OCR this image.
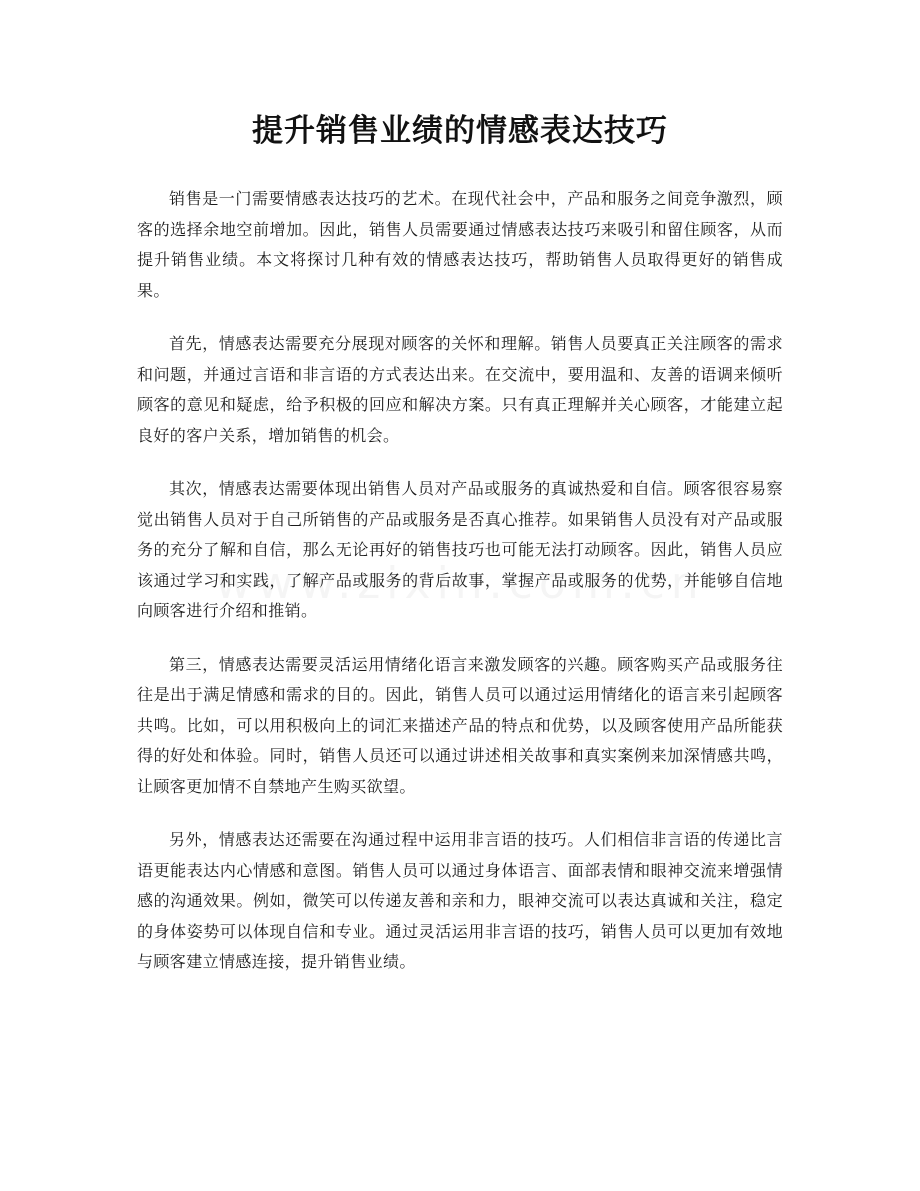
提升销售业绩的情感表达技巧

销售是一门需要情感表达技巧的艺术。在现代社会中，产品和服务之间竞争激烈，顾客的选择余地空前增加。因此，销售人员需要通过情感表达技巧来吸引和留住顾客，从而提升销售业绩。本文将探讨几种有效的情感表达技巧，帮助销售人员取得更好的销售成果。

首先，情感表达需要充分展现对顾客的关怀和理解。销售人员要真正关注顾客的需求和问题，并通过言语和非言语的方式表达出来。在交流中，要用温和、友善的语调来倾听顾客的意见和疑虑，给予积极的回应和解决方案。只有真正理解并关心顾客，才能建立起良好的客户关系，增加销售的机会。

其次，情感表达需要体现出销售人员对产品或服务的真诚热爱和自信。顾客很容易察觉出销售人员对于自己所销售的产品或服务是否真心推荐。如果销售人员没有对产品或服务的充分了解和自信，那么无论再好的销售技巧也可能无法打动顾客。因此，销售人员应该通过学习和实践，了解产品或服务的背后故事，掌握产品或服务的优势，并能够自信地向顾客进行介绍和推销。

第三，情感表达需要灵活运用情绪化语言来激发顾客的兴趣。顾客购买产品或服务往往是出于满足情感和需求的目的。因此，销售人员可以通过运用情绪化的语言来引起顾客共鸣。比如，可以用积极向上的词汇来描述产品的特点和优势，以及顾客使用产品所能获得的好处和体验。同时，销售人员还可以通过讲述相关故事和真实案例来加深情感共鸣，让顾客更加情不自禁地产生购买欲望。

另外，情感表达还需要在沟通过程中运用非言语的技巧。人们相信非言语的传递比言语更能表达内心情感和意图。销售人员可以通过身体语言、面部表情和眼神交流来增强情感的沟通效果。例如，微笑可以传递友善和亲和力，眼神交流可以表达真诚和关注，稳定的身体姿势可以体现自信和专业。通过灵活运用非言语的技巧，销售人员可以更加有效地与顾客建立情感连接，提升销售业绩。
